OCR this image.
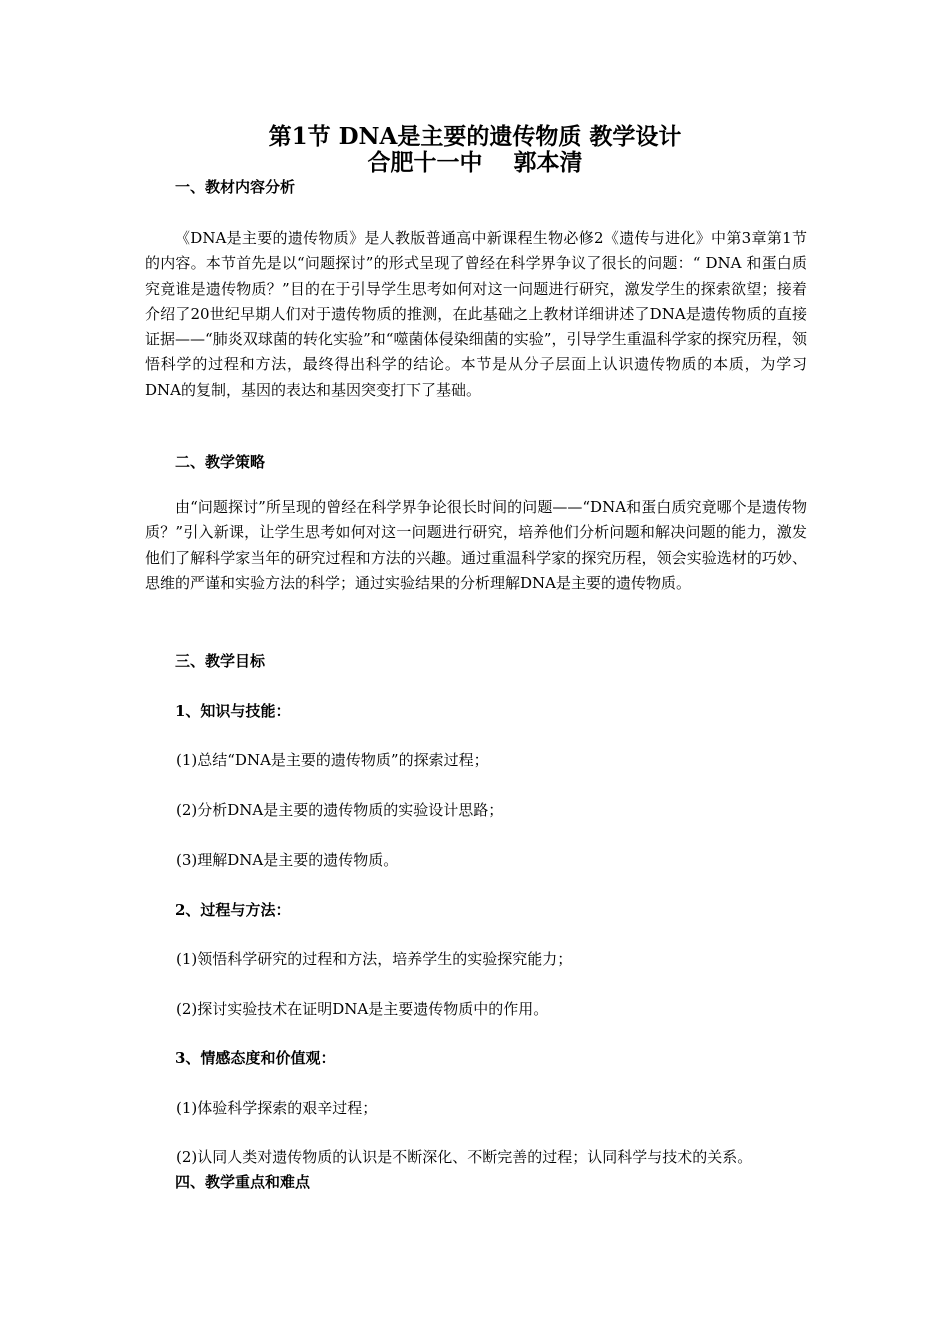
第1节 DNA是主要的遗传物质 教学设计
合肥十一中　 郭本清
一、教材内容分析

《DNA是主要的遗传物质》是人教版普通高中新课程生物必修2《遗传与进化》中第3章第1节的内容。本节首先是以“问题探讨”的形式呈现了曾经在科学界争议了很长的问题：“ DNA 和蛋白质究竟谁是遗传物质？”目的在于引导学生思考如何对这一问题进行研究，激发学生的探索欲望；接着介绍了20世纪早期人们对于遗传物质的推测，在此基础之上教材详细讲述了DNA是遗传物质的直接证据——“肺炎双球菌的转化实验”和“噬菌体侵染细菌的实验”，引导学生重温科学家的探究历程，领悟科学的过程和方法，最终得出科学的结论。本节是从分子层面上认识遗传物质的本质，为学习DNA的复制，基因的表达和基因突变打下了基础。

二、教学策略

由“问题探讨”所呈现的曾经在科学界争论很长时间的问题——“DNA和蛋白质究竟哪个是遗传物质？”引入新课，让学生思考如何对这一问题进行研究，培养他们分析问题和解决问题的能力，激发他们了解科学家当年的研究过程和方法的兴趣。通过重温科学家的探究历程，领会实验选材的巧妙、思维的严谨和实验方法的科学；通过实验结果的分析理解DNA是主要的遗传物质。

三、教学目标
1、知识与技能：

(1)总结“DNA是主要的遗传物质”的探索过程；

(2)分析DNA是主要的遗传物质的实验设计思路；

(3)理解DNA是主要的遗传物质。

2、过程与方法：

(1)领悟科学研究的过程和方法，培养学生的实验探究能力；

(2)探讨实验技术在证明DNA是主要遗传物质中的作用。

3、情感态度和价值观：

(1)体验科学探索的艰辛过程；

(2)认同人类对遗传物质的认识是不断深化、不断完善的过程；认同科学与技术的关系。

四、教学重点和难点
